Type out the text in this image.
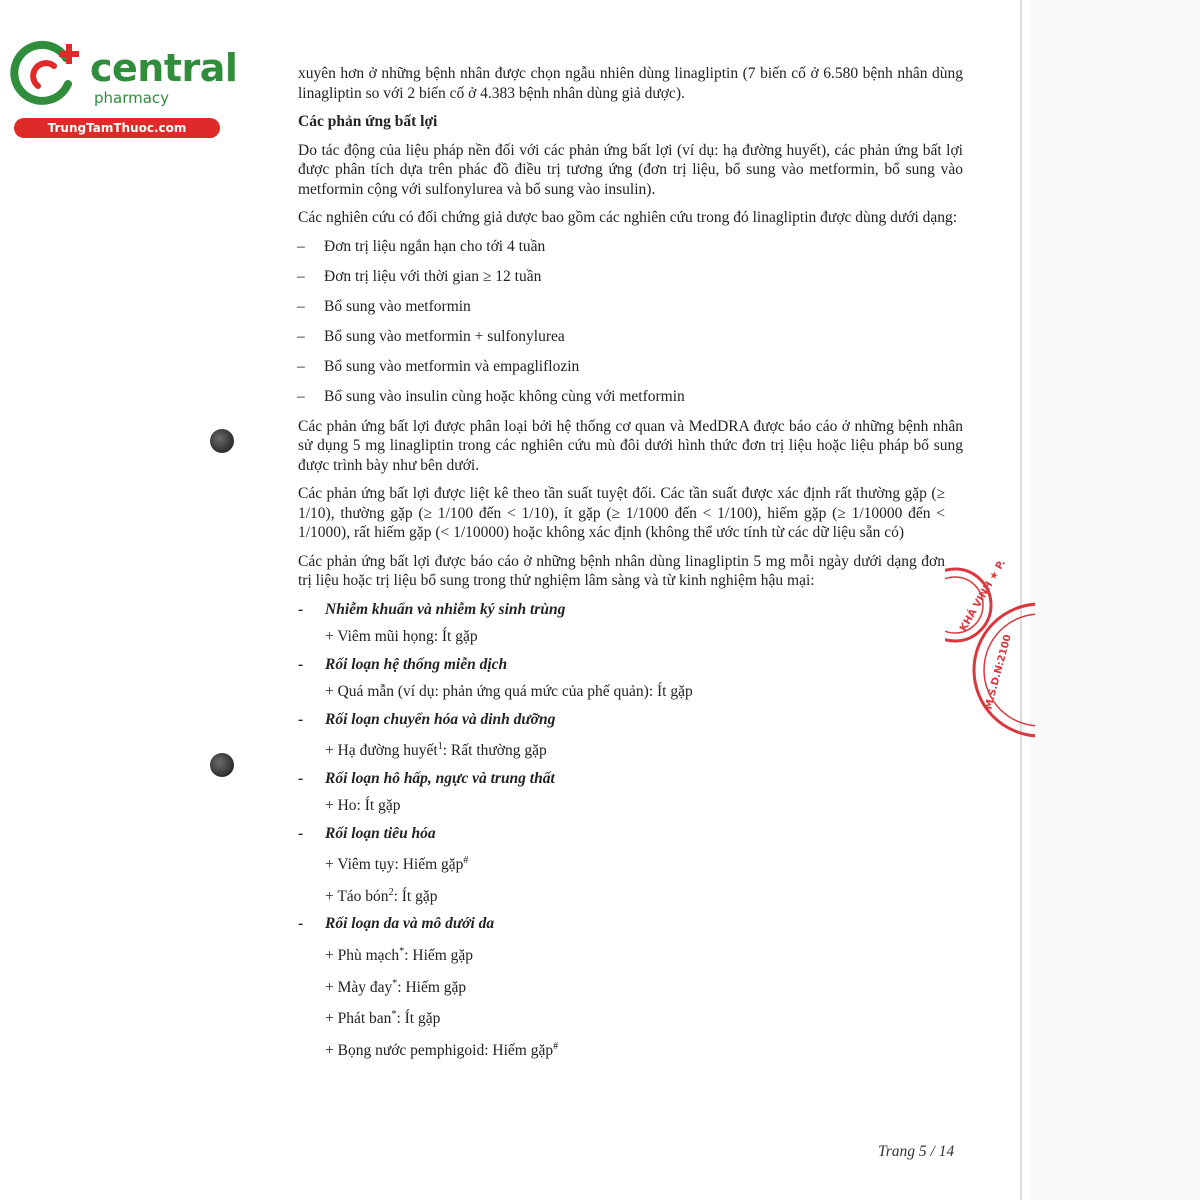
central
pharmacy
TrungTamThuoc.com

xuyên hơn ở những bệnh nhân được chọn ngẫu nhiên dùng linagliptin (7 biến cố ở 6.580 bệnh nhân dùng linagliptin so với 2 biến cố ở 4.383 bệnh nhân dùng giả dược).

Các phản ứng bất lợi

Do tác động của liệu pháp nền đối với các phản ứng bất lợi (ví dụ: hạ đường huyết), các phản ứng bất lợi được phân tích dựa trên phác đồ điều trị tương ứng (đơn trị liệu, bổ sung vào metformin, bổ sung vào metformin cộng với sulfonylurea và bổ sung vào insulin).

Các nghiên cứu có đối chứng giả dược bao gồm các nghiên cứu trong đó linagliptin được dùng dưới dạng:

– Đơn trị liệu ngắn hạn cho tới 4 tuần
– Đơn trị liệu với thời gian ≥ 12 tuần
– Bổ sung vào metformin
– Bổ sung vào metformin + sulfonylurea
– Bổ sung vào metformin và empagliflozin
– Bổ sung vào insulin cùng hoặc không cùng với metformin

Các phản ứng bất lợi được phân loại bởi hệ thống cơ quan và MedDRA được báo cáo ở những bệnh nhân sử dụng 5 mg linagliptin trong các nghiên cứu mù đôi dưới hình thức đơn trị liệu hoặc liệu pháp bổ sung được trình bày như bên dưới.

Các phản ứng bất lợi được liệt kê theo tần suất tuyệt đối. Các tần suất được xác định rất thường gặp (≥ 1/10), thường gặp (≥ 1/100 đến < 1/10), ít gặp (≥ 1/1000 đến < 1/100), hiếm gặp (≥ 1/10000 đến < 1/1000), rất hiếm gặp (< 1/10000) hoặc không xác định (không thể ước tính từ các dữ liệu sẵn có)

Các phản ứng bất lợi được báo cáo ở những bệnh nhân dùng linagliptin 5 mg mỗi ngày dưới dạng đơn trị liệu hoặc trị liệu bổ sung trong thử nghiệm lâm sàng và từ kinh nghiệm hậu mại:

- Nhiễm khuẩn và nhiễm ký sinh trùng
+ Viêm mũi họng: Ít gặp
- Rối loạn hệ thống miễn dịch
+ Quá mẫn (ví dụ: phản ứng quá mức của phế quản): Ít gặp
- Rối loạn chuyển hóa và dinh dưỡng
+ Hạ đường huyết$^1$: Rất thường gặp
- Rối loạn hô hấp, ngực và trung thất
+ Ho: Ít gặp
- Rối loạn tiêu hóa
+ Viêm tụy: Hiếm gặp#
+ Táo bón$^2$: Ít gặp
- Rối loạn da và mô dưới da
+ Phù mạch*: Hiếm gặp
+ Mày đay*: Hiếm gặp
+ Phát ban*: Ít gặp
+ Bọng nước pemphigoid: Hiếm gặp#
KHÁ VINH ★ P.
M.S.D.N:2100
Trang 5 / 14
